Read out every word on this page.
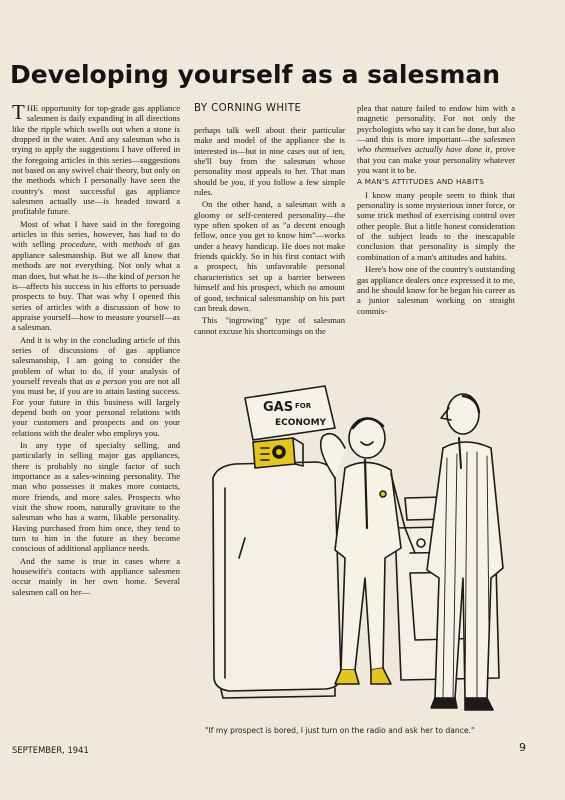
Developing yourself as a salesman

THE opportunity for top-grade gas appliance salesmen is daily expanding in all directions like the ripple which swells out when a stone is dropped in the water. And any salesman who is trying to apply the suggestions I have offered in the foregoing articles in this series—suggestions not based on any swivel chair theory, but only on the methods which I personally have seen the country's most successful gas appliance salesmen actually use—is headed toward a profitable future.

Most of what I have said in the foregoing articles in this series, however, has had to do with selling procedure, with methods of gas appliance salesmanship. But we all know that methods are not everything. Not only what a man does, but what he is—the kind of person he is—affects his success in his efforts to persuade prospects to buy. That was why I opened this series of articles with a discussion of how to appraise yourself—how to measure yourself—as a salesman.

And it is why in the concluding article of this series of discussions of gas appliance salesmanship, I am going to consider the problem of what to do, if your analysis of yourself reveals that as a person you are not all you must be, if you are to attain lasting success. For your future in this business will largely depend both on your personal relations with your customers and prospects and on your relations with the dealer who employs you.

In any type of specialty selling, and particularly in selling major gas appliances, there is probably no single factor of such importance as a sales-winning personality. The man who possesses it makes more contacts, more friends, and more sales. Prospects who visit the show room, naturally gravitate to the salesman who has a warm, likable personality. Having purchased from him once, they tend to turn to him in the future as they become conscious of additional appliance needs.

And the same is true in cases where a housewife's contacts with appliance salesmen occur mainly in her own home. Several salesmen call on her—

BY CORNING WHITE

perhaps talk well about their particular make and model of the appliance she is interested in—but in nine cases out of ten, she'll buy from the salesman whose personality most appeals to her. That man should be you, if you follow a few simple rules.

On the other hand, a salesman with a gloomy or self-centered personality—the type often spoken of as "a decent enough fellow, once you get to know him"—works under a heavy handicap. He does not make friends quickly. So in his first contact with a prospect, his unfavorable personal characteristics set up a barrier between himself and his prospect, which no amount of good, technical salesmanship on his part can break down.

This "ingrowing" type of salesman cannot excuse his shortcomings on the

plea that nature failed to endow him with a magnetic personality. For not only the psychologists who say it can be done, but also—and this is more important—the salesmen who themselves actually have done it, prove that you can make your personality whatever you want it to be.

A MAN'S ATTITUDES AND HABITS

I know many people seem to think that personality is some mysterious inner force, or some trick method of exercising control over other people. But a little honest consideration of the subject leads to the inescapable conclusion that personality is simply the combination of a man's attitudes and habits.

Here's how one of the country's outstanding gas appliance dealers once expressed it to me, and he should know for he began his career as a junior salesman working on straight commis-

GAS FOR
ECONOMY
"If my prospect is bored, I just turn on the radio and ask her to dance."
SEPTEMBER, 1941	9
